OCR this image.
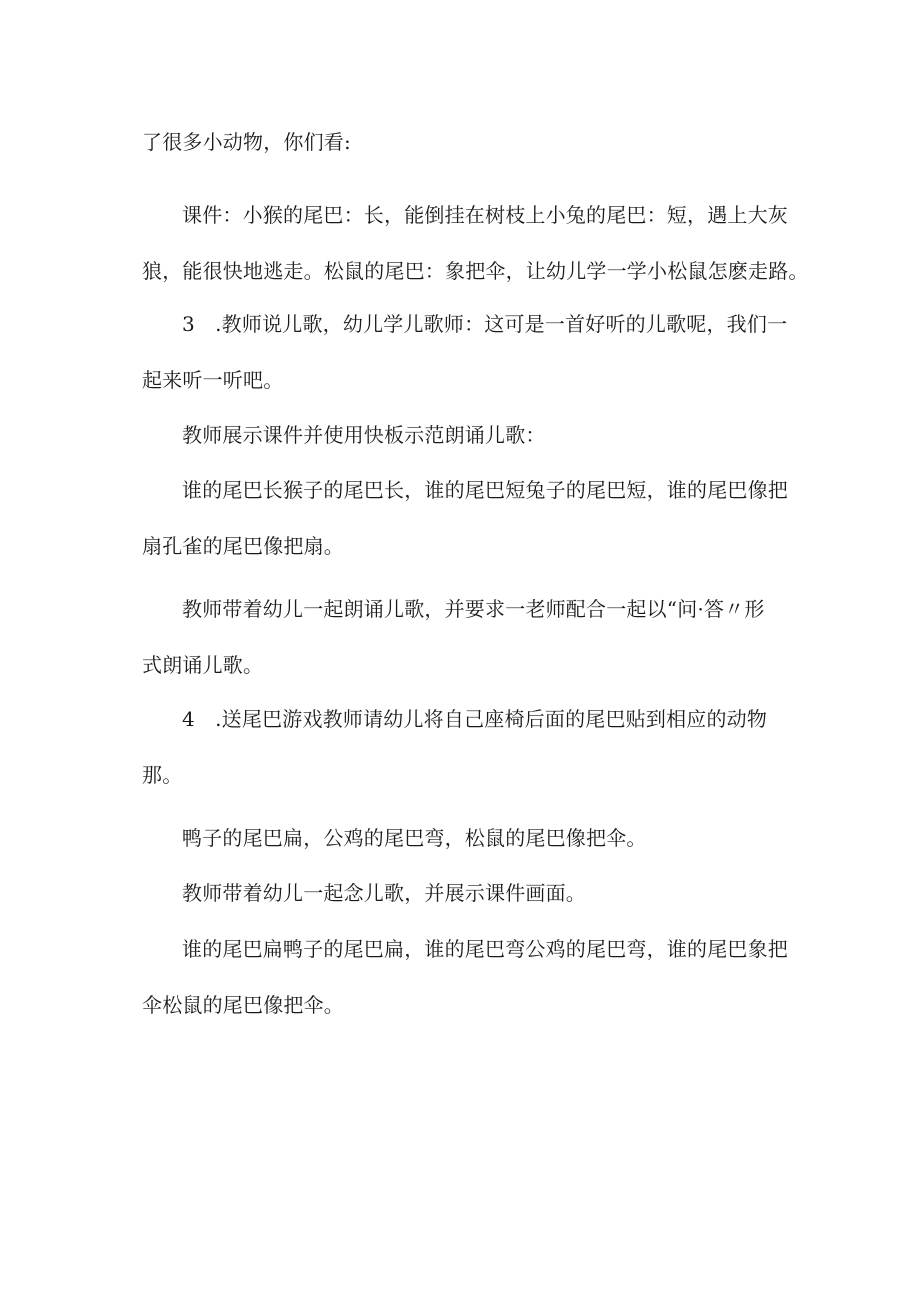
了很多小动物，你们看:

课件：小猴的尾巴：长，能倒挂在树枝上小兔的尾巴：短，遇上大灰
狼，能很快地逃走。松鼠的尾巴：象把伞，让幼儿学一学小松鼠怎麽走路。

3　.教师说儿歌，幼儿学儿歌师：这可是一首好听的儿歌呢，我们一
起来听一听吧。

教师展示课件并使用快板示范朗诵儿歌：

谁的尾巴长猴子的尾巴长，谁的尾巴短兔子的尾巴短，谁的尾巴像把
扇孔雀的尾巴像把扇。

教师带着幼儿一起朗诵儿歌，并要求一老师配合一起以“问·答〃形
式朗诵儿歌。

4　.送尾巴游戏教师请幼儿将自己座椅后面的尾巴贴到相应的动物
那。

鸭子的尾巴扁，公鸡的尾巴弯，松鼠的尾巴像把伞。

教师带着幼儿一起念儿歌，并展示课件画面。

谁的尾巴扁鸭子的尾巴扁，谁的尾巴弯公鸡的尾巴弯，谁的尾巴象把
伞松鼠的尾巴像把伞。
